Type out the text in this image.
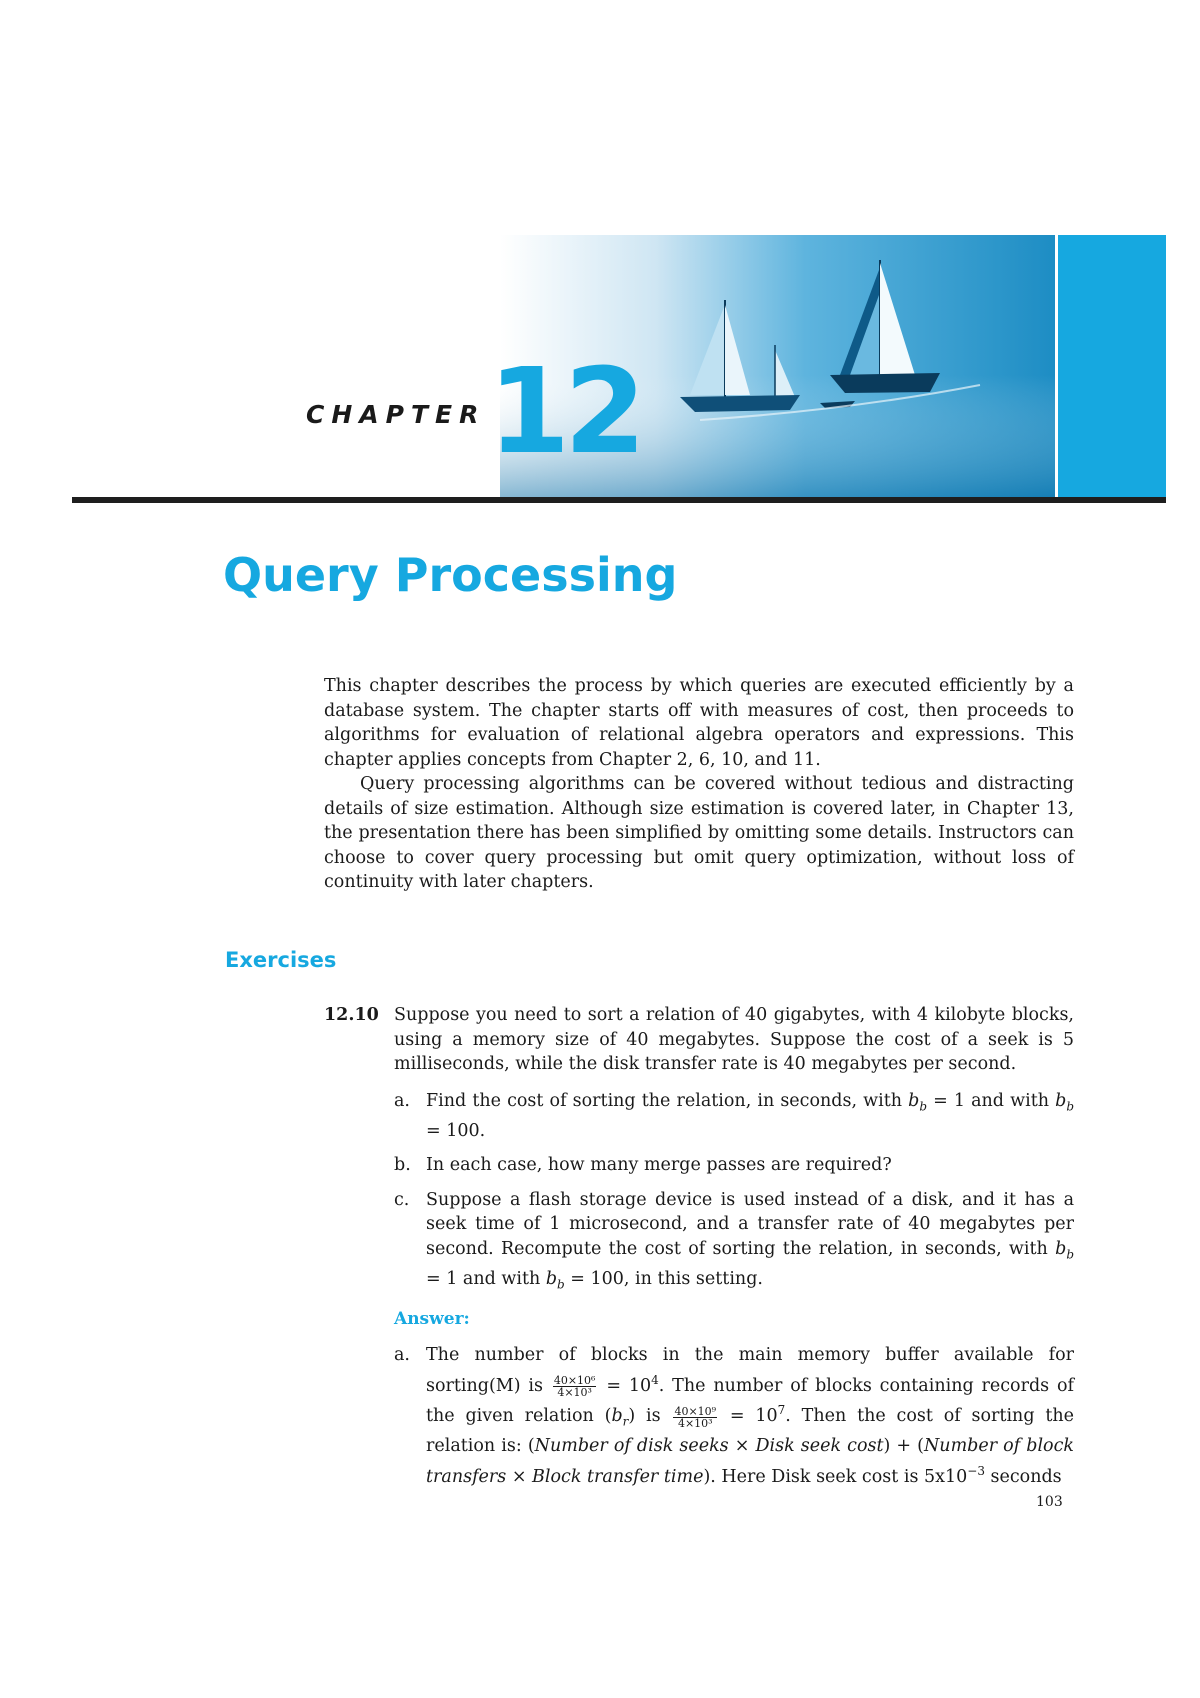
CHAPTER 12
Query Processing

This chapter describes the process by which queries are executed efficiently by a database system. The chapter starts off with measures of cost, then proceeds to algorithms for evaluation of relational algebra operators and expressions. This chapter applies concepts from Chapter 2, 6, 10, and 11.

Query processing algorithms can be covered without tedious and distracting details of size estimation. Although size estimation is covered later, in Chapter 13, the presentation there has been simplified by omitting some details. Instructors can choose to cover query processing but omit query optimization, without loss of continuity with later chapters.

Exercises
12.10 Suppose you need to sort a relation of 40 gigabytes, with 4 kilobyte blocks, using a memory size of 40 megabytes. Suppose the cost of a seek is 5 milliseconds, while the disk transfer rate is 40 megabytes per second.
a. Find the cost of sorting the relation, in seconds, with $b_b = 1$ and with $b_b = 100$.
b. In each case, how many merge passes are required?
c. Suppose a flash storage device is used instead of a disk, and it has a seek time of 1 microsecond, and a transfer rate of 40 megabytes per second. Recompute the cost of sorting the relation, in seconds, with $b_b = 1$ and with $b_b = 100$, in this setting.
Answer:
a. The number of blocks in the main memory buffer available for sorting(M) is $\frac{\text{40×10⁶}}{\text{4×10³}} = 10^4$. The number of blocks containing records of the given relation $(b_r)$ is $\frac{\text{40×10⁹}}{\text{4×10³}} = 10^7$. Then the cost of sorting the relation is: (Number of disk seeks × Disk seek cost) + (Number of block transfers × Block transfer time). Here Disk seek cost is $5x10^{-3}$ seconds
103
